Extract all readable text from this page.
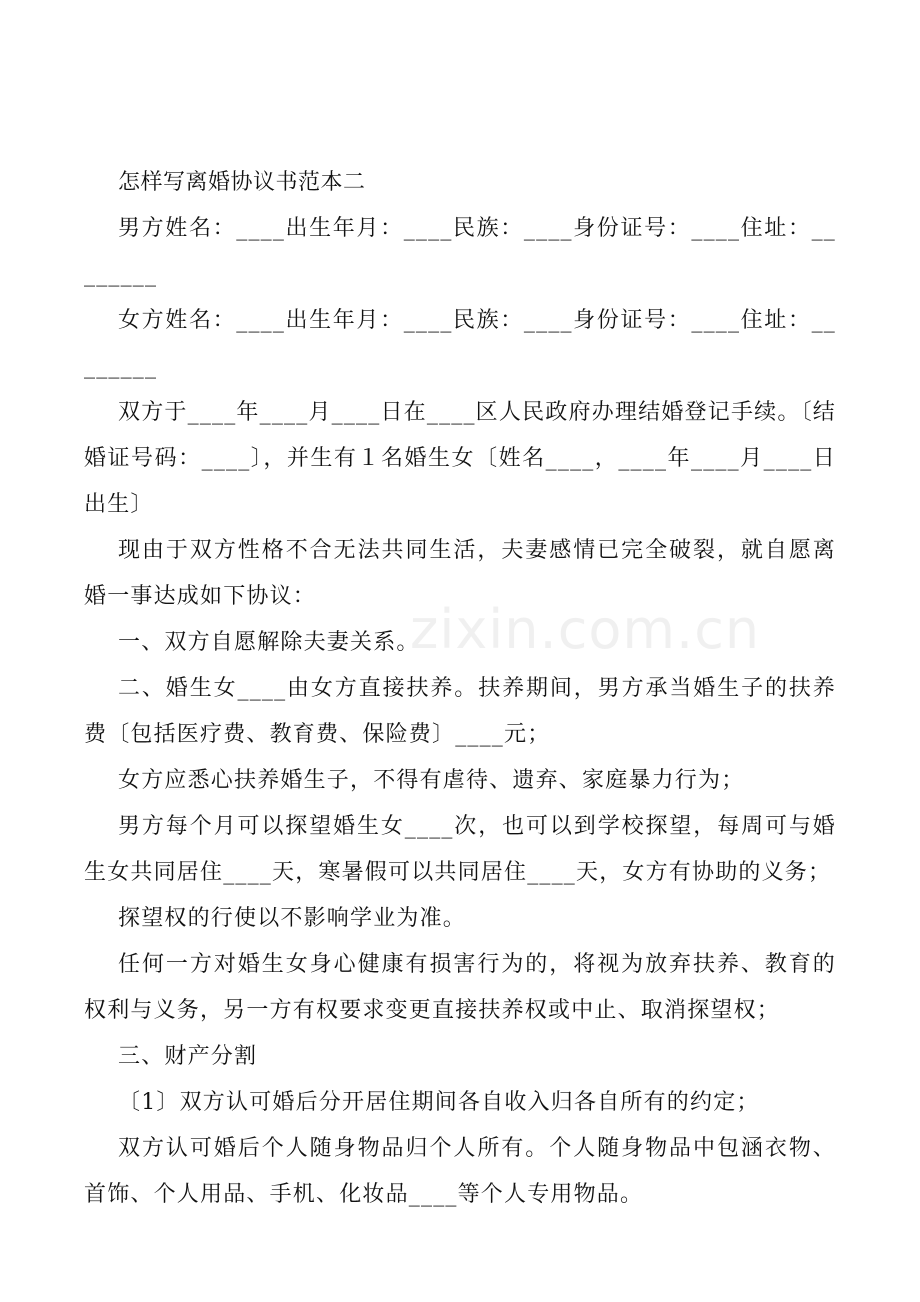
zixin.com.cn

怎样写离婚协议书范本二

男方姓名：____出生年月：____民族：____身份证号：____住址：________

女方姓名：____出生年月：____民族：____身份证号：____住址：________

双方于____年____月____日在____区人民政府办理结婚登记手续。〔结婚证号码：____〕，并生有１名婚生女〔姓名____，____年____月____日出生〕

现由于双方性格不合无法共同生活，夫妻感情已完全破裂，就自愿离婚一事达成如下协议：

一、双方自愿解除夫妻关系。

二、婚生女____由女方直接扶养。扶养期间，男方承当婚生子的扶养费〔包括医疗费、教育费、保险费〕____元；

女方应悉心扶养婚生子，不得有虐待、遗弃、家庭暴力行为；

男方每个月可以探望婚生女____次，也可以到学校探望，每周可与婚生女共同居住____天，寒暑假可以共同居住____天，女方有协助的义务；

探望权的行使以不影响学业为准。

任何一方对婚生女身心健康有损害行为的，将视为放弃扶养、教育的权利与义务，另一方有权要求变更直接扶养权或中止、取消探望权；

三、财产分割

〔1〕双方认可婚后分开居住期间各自收入归各自所有的约定；

双方认可婚后个人随身物品归个人所有。个人随身物品中包涵衣物、首饰、个人用品、手机、化妆品____等个人专用物品。
